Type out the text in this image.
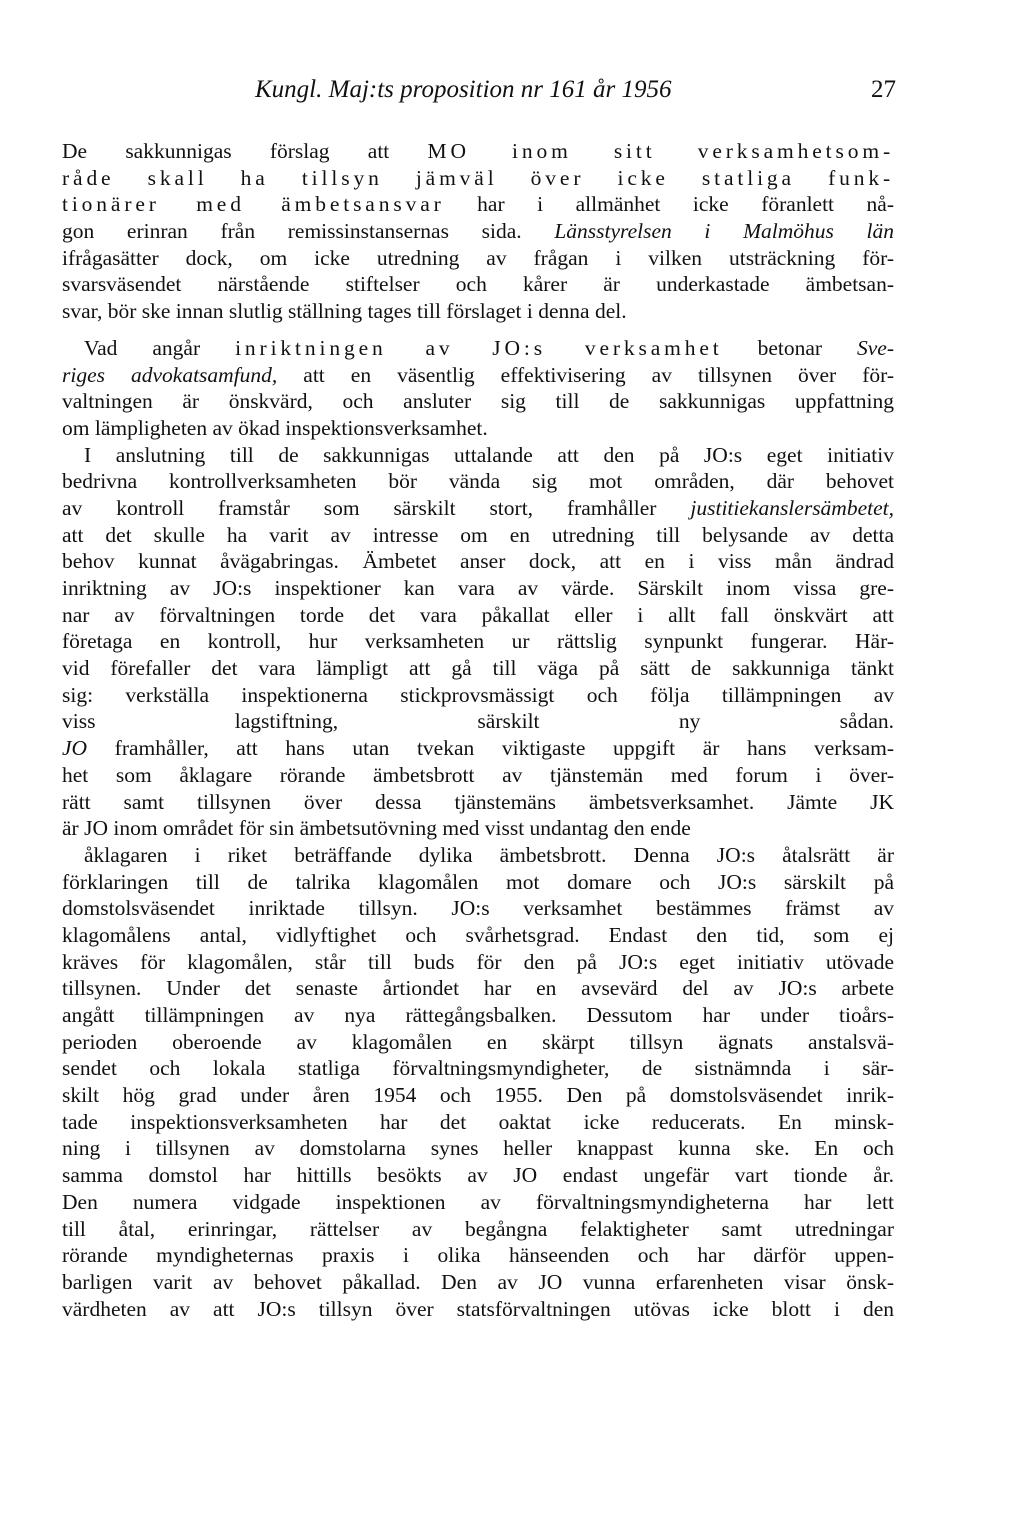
Kungl. Maj:ts proposition nr 161 år 1956	27
De sakkunnigas förslag att MO inom sitt verksamhetsom-
råde skall ha tillsyn jämväl över icke statliga funk-
tionärer med ämbetsansvar har i allmänhet icke föranlett nå-
gon erinran från remissinstansernas sida. Länsstyrelsen i Malmöhus län
ifrågasätter dock, om icke utredning av frågan i vilken utsträckning för-
svarsväsendet närstående stiftelser och kårer är underkastade ämbetsan-
svar, bör ske innan slutlig ställning tages till förslaget i denna del.
Vad angår inriktningen av JO:s verksamhet betonar Sve-
riges advokatsamfund, att en väsentlig effektivisering av tillsynen över för-
valtningen är önskvärd, och ansluter sig till de sakkunnigas uppfattning
om lämpligheten av ökad inspektionsverksamhet.
I anslutning till de sakkunnigas uttalande att den på JO:s eget initiativ
bedrivna kontrollverksamheten bör vända sig mot områden, där behovet
av kontroll framstår som särskilt stort, framhåller justitiekanslersämbetet,
att det skulle ha varit av intresse om en utredning till belysande av detta
behov kunnat åvägabringas. Ämbetet anser dock, att en i viss mån ändrad
inriktning av JO:s inspektioner kan vara av värde. Särskilt inom vissa gre-
nar av förvaltningen torde det vara påkallat eller i allt fall önskvärt att
företaga en kontroll, hur verksamheten ur rättslig synpunkt fungerar. Här-
vid förefaller det vara lämpligt att gå till väga på sätt de sakkunniga tänkt
sig: verkställa inspektionerna stickprovsmässigt och följa tillämpningen av
viss lagstiftning, särskilt ny sådan.
JO framhåller, att hans utan tvekan viktigaste uppgift är hans verksam-
het som åklagare rörande ämbetsbrott av tjänstemän med forum i över-
rätt samt tillsynen över dessa tjänstemäns ämbetsverksamhet. Jämte JK
är JO inom området för sin ämbetsutövning med visst undantag den ende
åklagaren i riket beträffande dylika ämbetsbrott. Denna JO:s åtalsrätt är
förklaringen till de talrika klagomålen mot domare och JO:s särskilt på
domstolsväsendet inriktade tillsyn. JO:s verksamhet bestämmes främst av
klagomålens antal, vidlyftighet och svårhetsgrad. Endast den tid, som ej
kräves för klagomålen, står till buds för den på JO:s eget initiativ utövade
tillsynen. Under det senaste årtiondet har en avsevärd del av JO:s arbete
angått tillämpningen av nya rättegångsbalken. Dessutom har under tioårs-
perioden oberoende av klagomålen en skärpt tillsyn ägnats anstalsvä-
sendet och lokala statliga förvaltningsmyndigheter, de sistnämnda i sär-
skilt hög grad under åren 1954 och 1955. Den på domstolsväsendet inrik-
tade inspektionsverksamheten har det oaktat icke reducerats. En minsk-
ning i tillsynen av domstolarna synes heller knappast kunna ske. En och
samma domstol har hittills besökts av JO endast ungefär vart tionde år.
Den numera vidgade inspektionen av förvaltningsmyndigheterna har lett
till åtal, erinringar, rättelser av begångna felaktigheter samt utredningar
rörande myndigheternas praxis i olika hänseenden och har därför uppen-
barligen varit av behovet påkallad. Den av JO vunna erfarenheten visar önsk-
värdheten av att JO:s tillsyn över statsförvaltningen utövas icke blott i den
